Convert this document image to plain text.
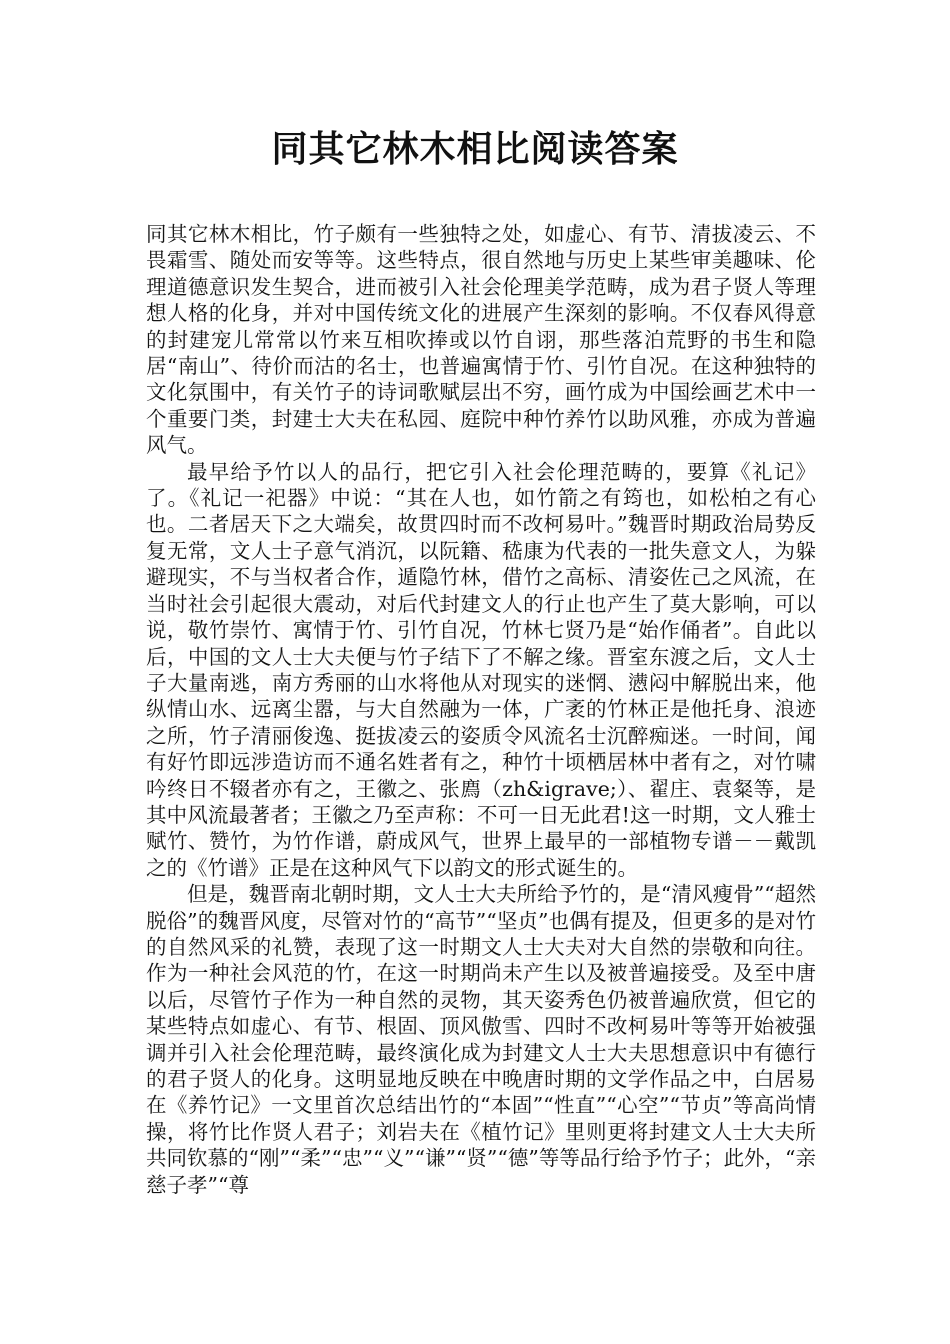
同其它林木相比阅读答案

同其它林木相比，竹子颇有一些独特之处，如虚心、有节、清拔凌云、不畏霜雪、随处而安等等。这些特点，很自然地与历史上某些审美趣味、伦理道德意识发生契合，进而被引入社会伦理美学范畴，成为君子贤人等理想人格的化身，并对中国传统文化的进展产生深刻的影响。不仅春风得意的封建宠儿常常以竹来互相吹捧或以竹自诩，那些落泊荒野的书生和隐居“南山”、待价而沽的名士，也普遍寓情于竹、引竹自况。在这种独特的文化氛围中，有关竹子的诗词歌赋层出不穷，画竹成为中国绘画艺术中一个重要门类，封建士大夫在私园、庭院中种竹养竹以助风雅，亦成为普遍风气。

最早给予竹以人的品行，把它引入社会伦理范畴的，要算《礼记》了。《礼记一祀器》中说：“其在人也，如竹箭之有筠也，如松柏之有心也。二者居天下之大端矣，故贯四时而不改柯易叶。”魏晋时期政治局势反复无常，文人士子意气消沉，以阮籍、嵇康为代表的一批失意文人，为躲避现实，不与当权者合作，遁隐竹林，借竹之高标、清姿佐己之风流，在当时社会引起很大震动，对后代封建文人的行止也产生了莫大影响，可以说，敬竹崇竹、寓情于竹、引竹自况，竹林七贤乃是“始作俑者”。自此以后，中国的文人士大夫便与竹子结下了不解之缘。晋室东渡之后，文人士子大量南逃，南方秀丽的山水将他从对现实的迷惘、懑闷中解脱出来，他纵情山水、远离尘嚣，与大自然融为一体，广袤的竹林正是他托身、浪迹之所，竹子清丽俊逸、挺拔凌云的姿质令风流名士沉醉痴迷。一时间，闻有好竹即远涉造访而不通名姓者有之，种竹十顷栖居林中者有之，对竹啸吟终日不辍者亦有之，王徽之、张廌（zh&igrave;）、翟庄、袁粲等，是其中风流最著者；王徽之乃至声称：不可一日无此君!这一时期，文人雅士赋竹、赞竹，为竹作谱，蔚成风气，世界上最早的一部植物专谱－－戴凯之的《竹谱》正是在这种风气下以韵文的形式诞生的。

但是，魏晋南北朝时期，文人士大夫所给予竹的，是“清风瘦骨”“超然脱俗”的魏晋风度，尽管对竹的“高节”“坚贞”也偶有提及，但更多的是对竹的自然风采的礼赞，表现了这一时期文人士大夫对大自然的崇敬和向往。作为一种社会风范的竹，在这一时期尚未产生以及被普遍接受。及至中唐以后，尽管竹子作为一种自然的灵物，其天姿秀色仍被普遍欣赏，但它的某些特点如虚心、有节、根固、顶风傲雪、四时不改柯易叶等等开始被强调并引入社会伦理范畴，最终演化成为封建文人士大夫思想意识中有德行的君子贤人的化身。这明显地反映在中晚唐时期的文学作品之中，白居易在《养竹记》一文里首次总结出竹的“本固”“性直”“心空”“节贞”等高尚情操，将竹比作贤人君子；刘岩夫在《植竹记》里则更将封建文人士大夫所共同钦慕的“刚”“柔”“忠”“义”“谦”“贤”“德”等等品行给予竹子；此外，“亲慈子孝”“尊
